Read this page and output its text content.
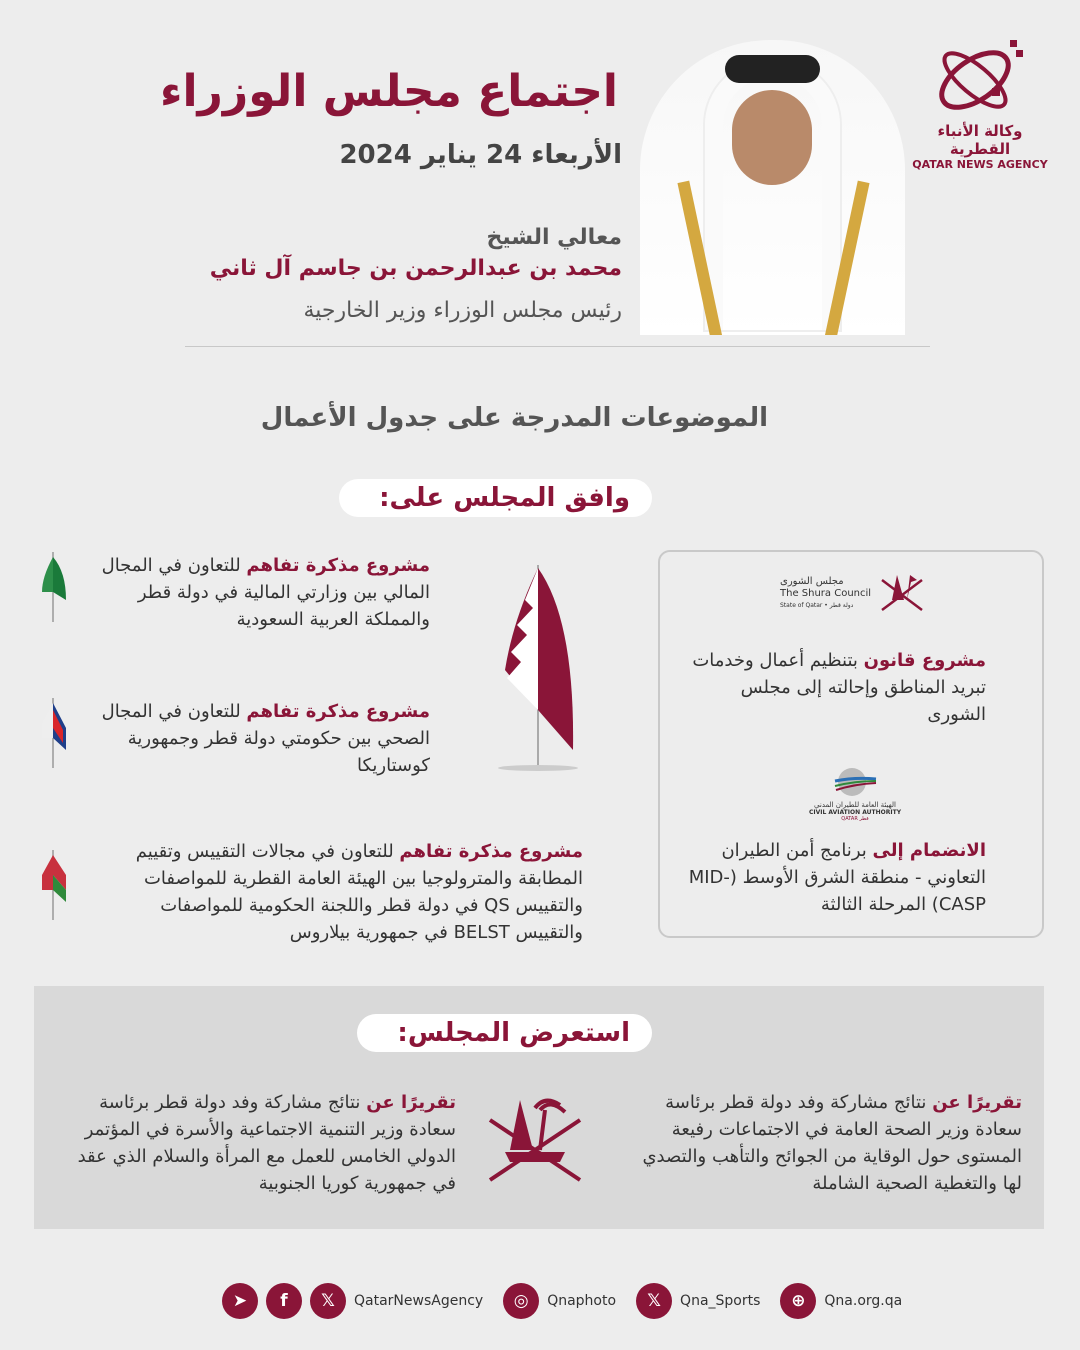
اجتماع مجلس الوزراء
الأربعاء 24 يناير 2024
معالي الشيخ
محمد بن عبدالرحمن بن جاسم آل ثاني
رئيس مجلس الوزراء وزير الخارجية
وكالة الأنباء القطرية
QATAR NEWS AGENCY
الموضوعات المدرجة على جدول الأعمال
وافق المجلس على:
مشروع مذكرة تفاهم للتعاون في المجال المالي بين وزارتي المالية في دولة قطر والمملكة العربية السعودية
مشروع مذكرة تفاهم للتعاون في المجال الصحي بين حكومتي دولة قطر وجمهورية كوستاريكا
مشروع مذكرة تفاهم للتعاون في مجالات التقييس وتقييم المطابقة والمترولوجيا بين الهيئة العامة القطرية للمواصفات والتقييس QS في دولة قطر واللجنة الحكومية للمواصفات والتقييس BELST في جمهورية بيلاروس
مجلس الشورى
The Shura Council
State of Qatar • دولة قطر
مشروع قانون بتنظيم أعمال وخدمات تبريد المناطق وإحالته إلى مجلس الشورى
الهيئة العامة للطيران المدني
CIVIL AVIATION AUTHORITY
QATAR قطر
الانضمام إلى برنامج أمن الطيران التعاوني - منطقة الشرق الأوسط (MID-CASP) المرحلة الثالثة
استعرض المجلس:
تقريرًا عن نتائج مشاركة وفد دولة قطر برئاسة سعادة وزير الصحة العامة في الاجتماعات رفيعة المستوى حول الوقاية من الجوائح والتأهب والتصدي لها والتغطية الصحية الشاملة
تقريرًا عن نتائج مشاركة وفد دولة قطر برئاسة سعادة وزير التنمية الاجتماعية والأسرة في المؤتمر الدولي الخامس للعمل مع المرأة والسلام الذي عقد في جمهورية كوريا الجنوبية
➤	f	𝕏	QatarNewsAgency	◎	Qnaphoto	𝕏	Qna_Sports	⊕	Qna.org.qa
